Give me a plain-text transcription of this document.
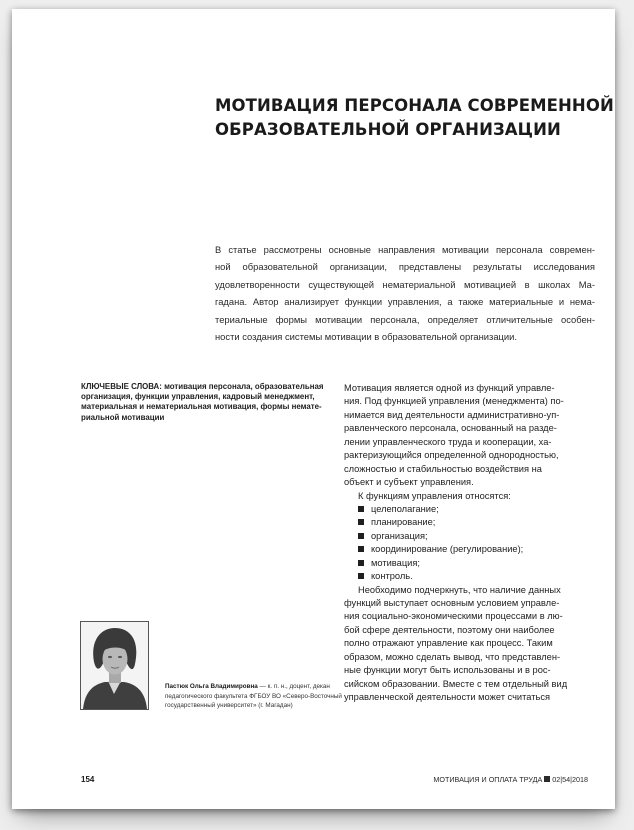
МОТИВАЦИЯ ПЕРСОНАЛА СОВРЕМЕННОЙ
ОБРАЗОВАТЕЛЬНОЙ ОРГАНИЗАЦИИ
В статье рассмотрены основные направления мотивации персонала современ-
ной образовательной организации, представлены результаты исследования
удовлетворенности существующей нематериальной мотивацией в школах Ма-
гадана. Автор анализирует функции управления, а также материальные и нема-
териальные формы мотивации персонала, определяет отличительные особен-
ности создания системы мотивации в образовательной организации.
КЛЮЧЕВЫЕ СЛОВА: мотивация персонала, образовательная
организация, функции управления, кадровый менеджмент,
материальная и нематериальная мотивация, формы немате-
риальной мотивации
Мотивация является одной из функций управле-
ния. Под функцией управления (менеджмента) по-
нимается вид деятельности административно-уп-
равленческого персонала, основанный на разде-
лении управленческого труда и кооперации, ха-
рактеризующийся определенной однородностью,
сложностью и стабильностью воздействия на
объект и субъект управления.
К функциям управления относятся:
целеполагание;
планирование;
организация;
координирование (регулирование);
мотивация;
контроль.
Необходимо подчеркнуть, что наличие данных
функций выступает основным условием управле-
ния социально-экономическими процессами в лю-
бой сфере деятельности, поэтому они наиболее
полно отражают управление как процесс. Таким
образом, можно сделать вывод, что представлен-
ные функции могут быть использованы и в рос-
сийском образовании. Вместе с тем отдельный вид
управленческой деятельности может считаться
Пастюк Ольга Владимировна — к. п. н., доцент, декан
педагогического факультета ФГБОУ ВО «Северо-Восточный
государственный университет» (г. Магадан)
154	МОТИВАЦИЯ И ОПЛАТА ТРУДА 02|54|2018
